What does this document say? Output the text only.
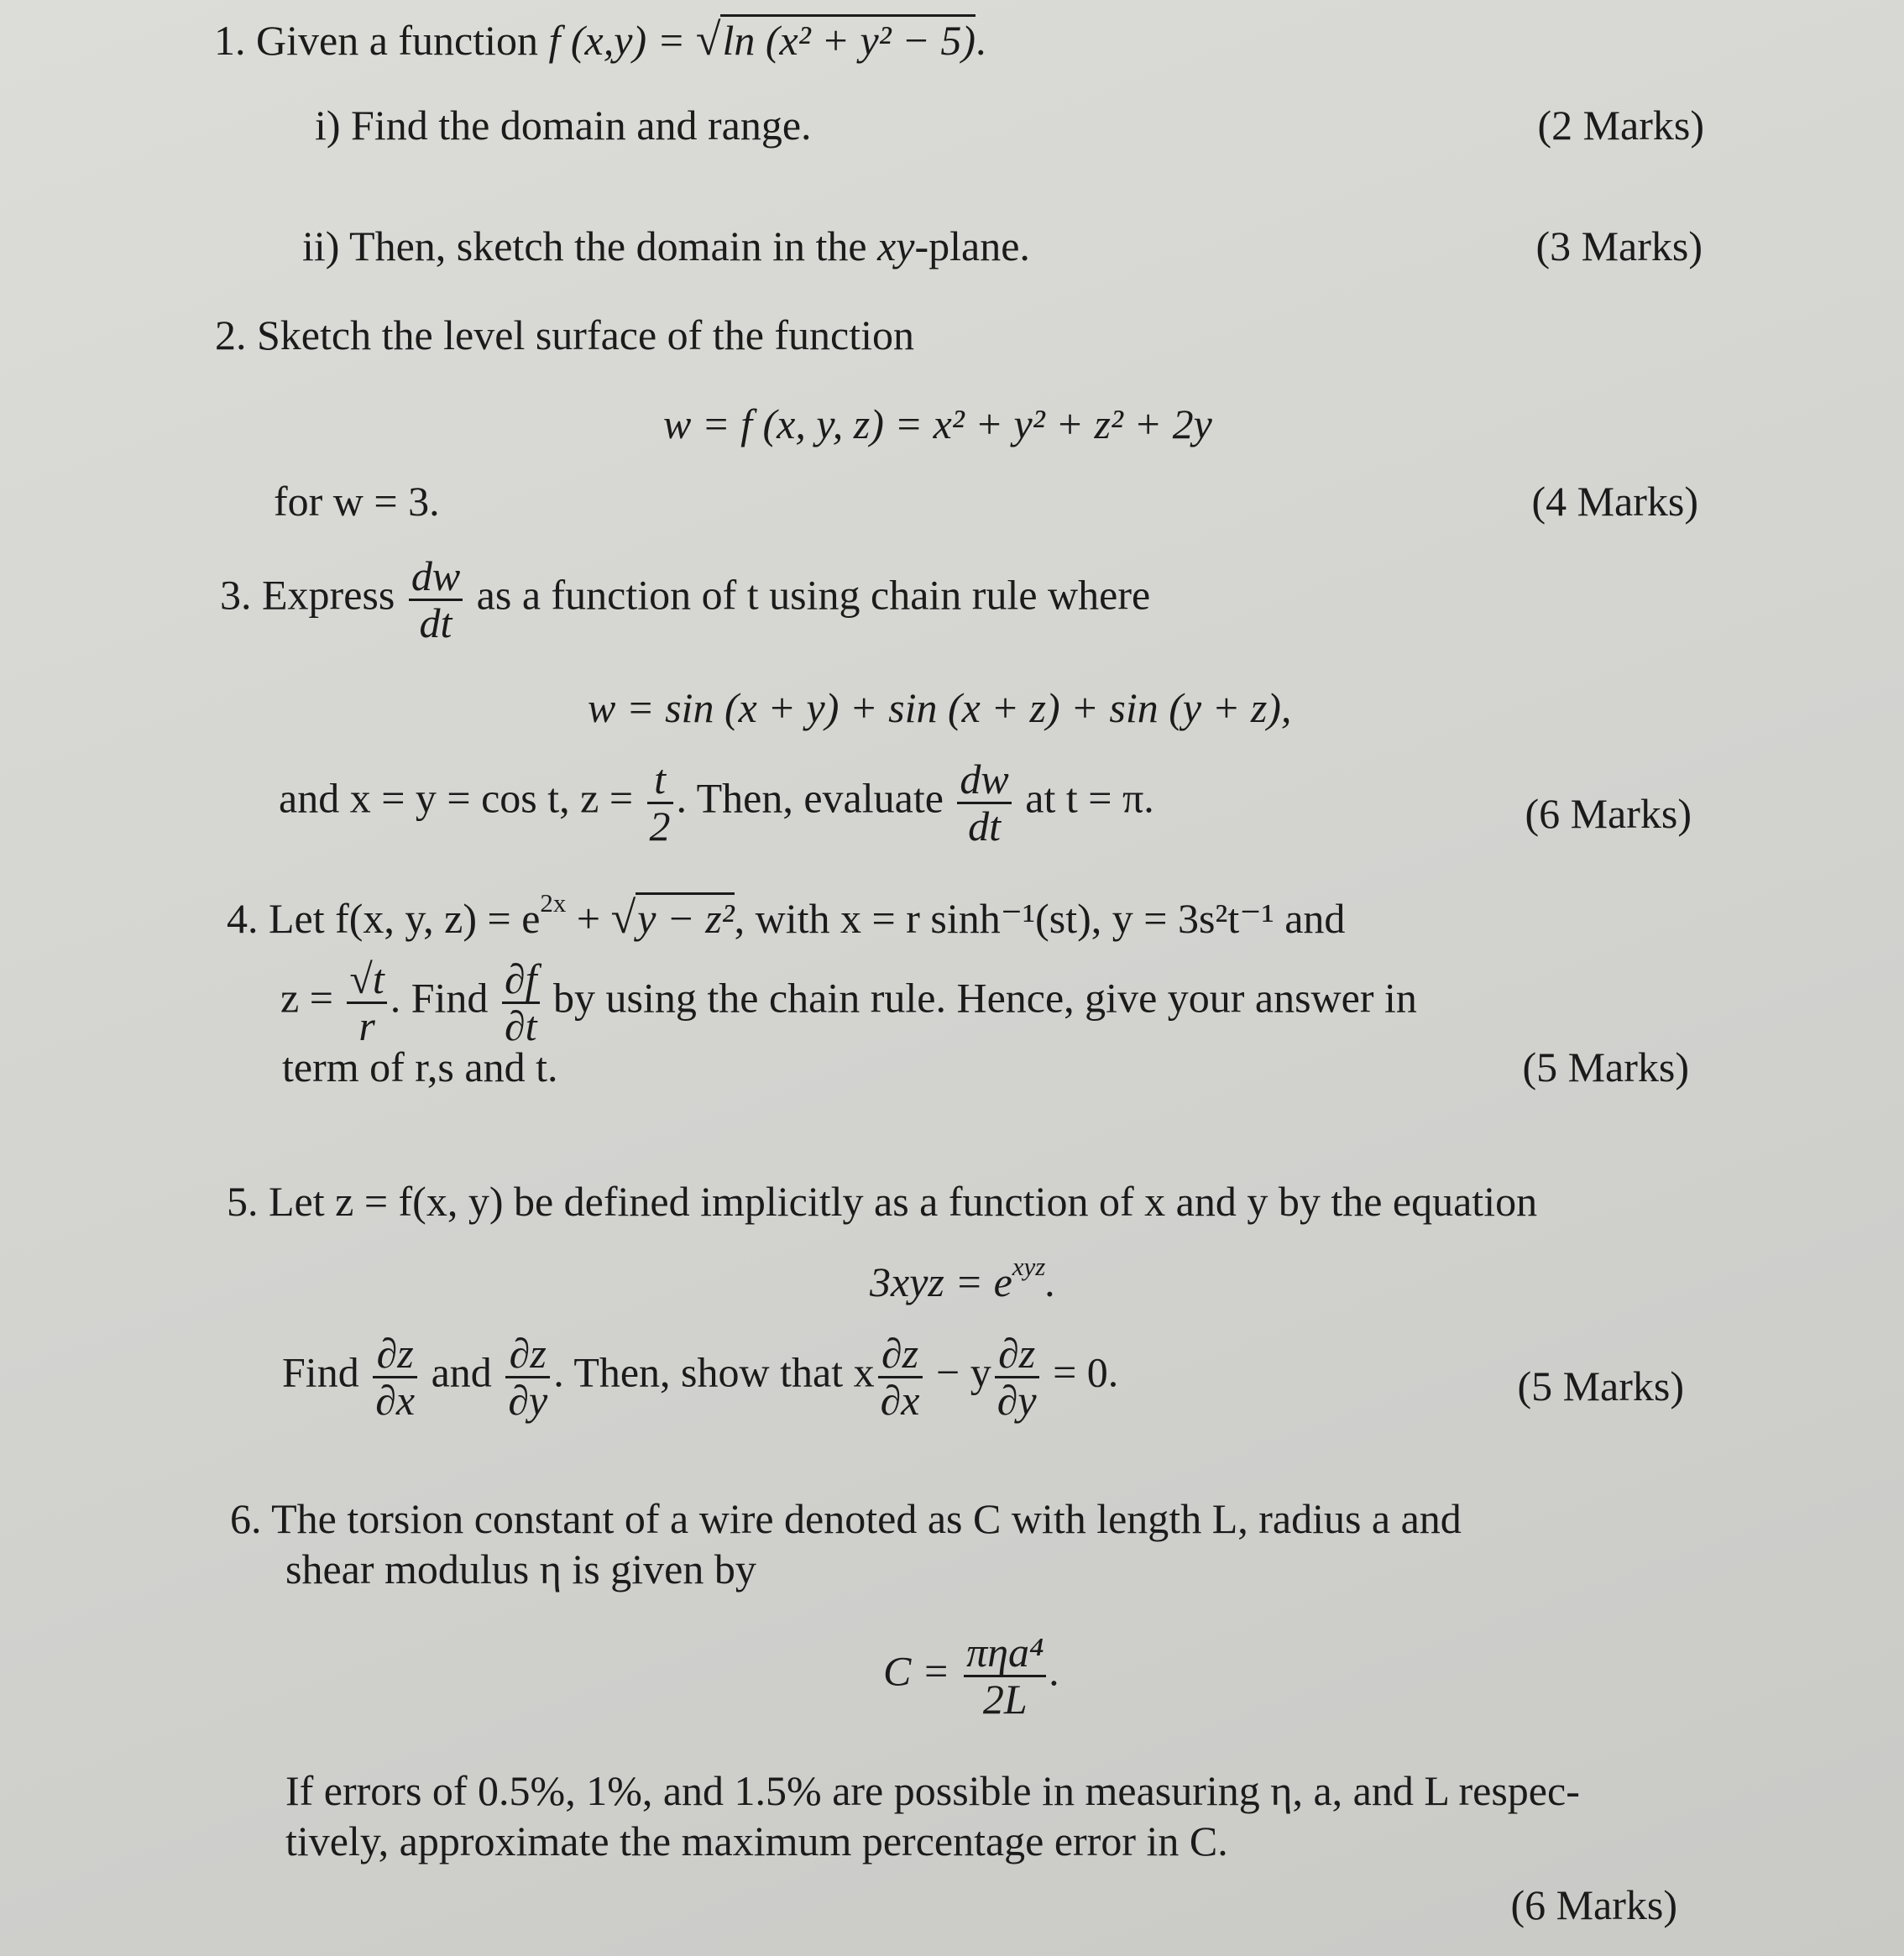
1. Given a function f (x,y) = √ln (x² + y² − 5).
i) Find the domain and range.	(2 Marks)
ii) Then, sketch the domain in the xy-plane.	(3 Marks)
2. Sketch the level surface of the function
w = f (x, y, z) = x² + y² + z² + 2y
for w = 3.	(4 Marks)
3. Express $\frac{dw}{dt}$ as a function of t using chain rule where
w = sin (x + y) + sin (x + z) + sin (y + z),
and x = y = cos t, $z = \frac{t}{2}$ . Then, evaluate $\frac{dw}{dt}$ at t = π.	(6 Marks)
4. Let f(x, y, $z) = e^{2x} + √y - z^2$, with x = r sinh⁻¹(st), y = 3s²t⁻¹ and
$z = \frac{√t}{r}$ . Find $\frac{\partial f}{\partial t}$ by using the chain rule. Hence, give your answer in
term of r,s and t.	(5 Marks)
5. Let z = f(x, y) be defined implicitly as a function of x and y by the equation
$3xyz = e^{xyz}$.
Find $\frac{\partial z}{\partial x}$ and $\frac{\partial z}{\partial y}$ . Then, show that x $\frac{\partial z}{\partial x} - y \frac{\partial z}{\partial y} = 0$.	(5 Marks)
6. The torsion constant of a wire denoted as C with length L, radius a and
shear modulus η is given by
$C = \frac{\text{πηa⁴}}{2L}$ .
If errors of 0.5%, 1%, and 1.5% are possible in measuring η, a, and L respec-
tively, approximate the maximum percentage error in C.
(6 Marks)
